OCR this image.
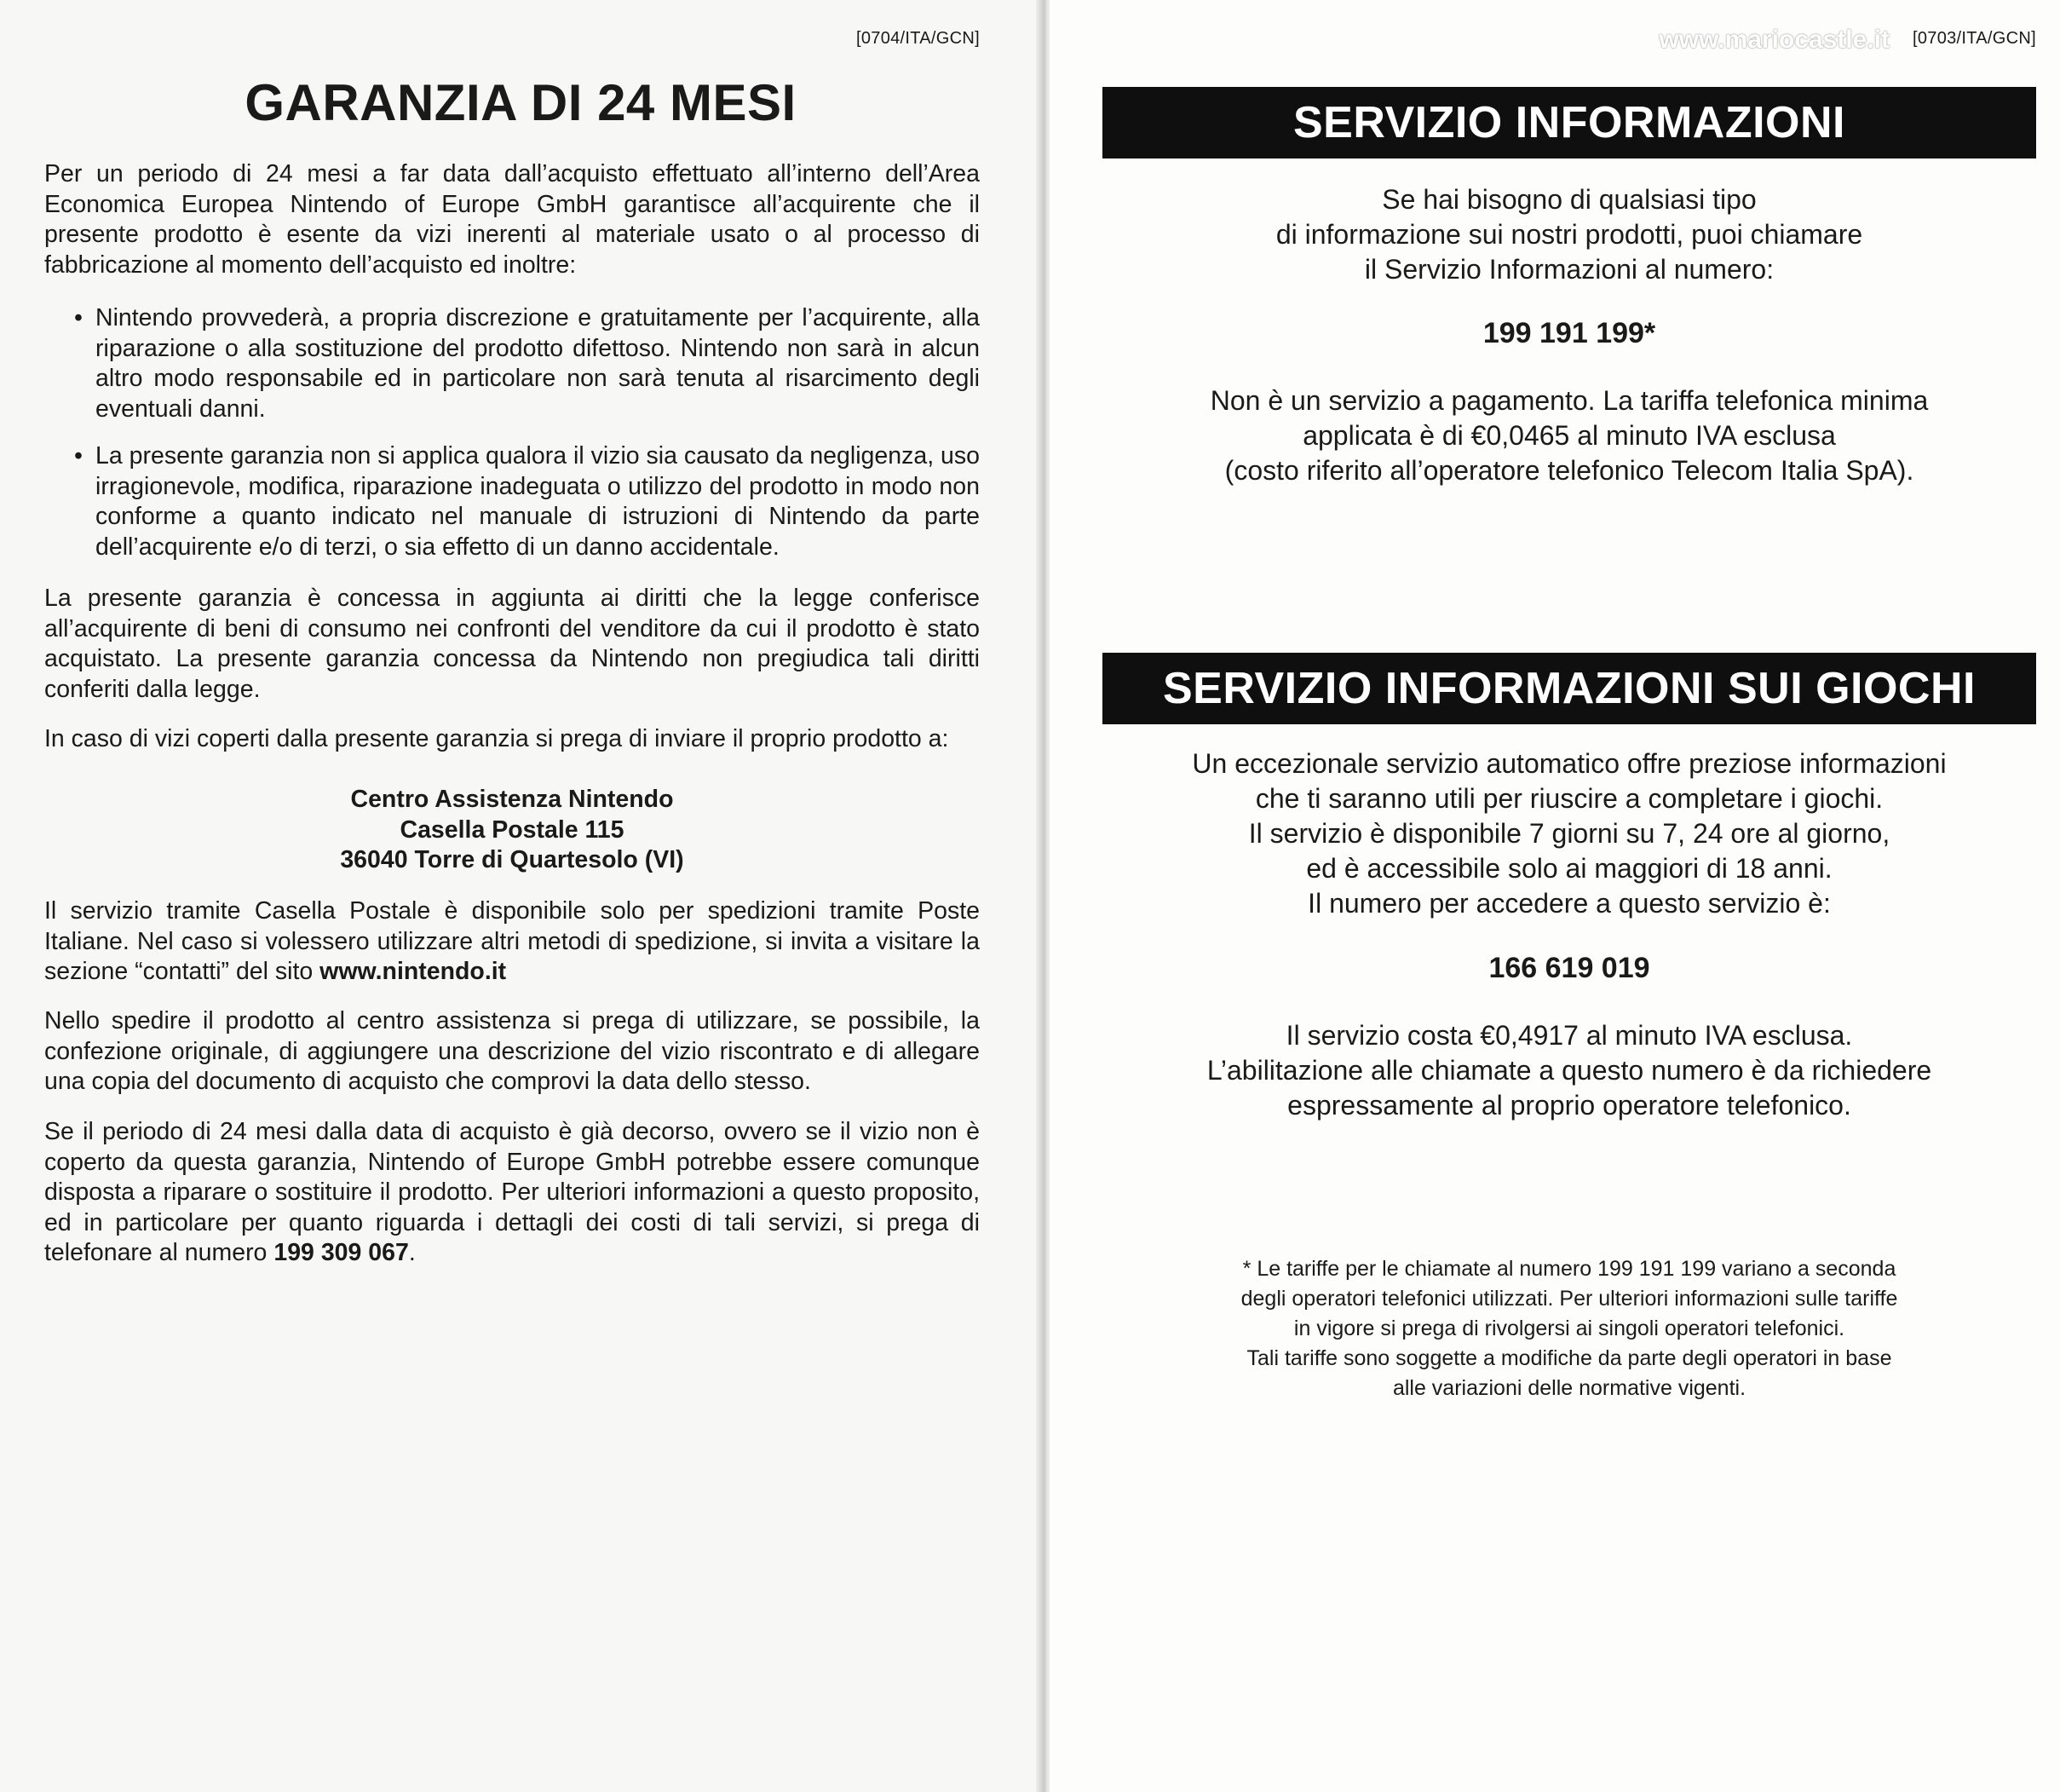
[0704/ITA/GCN]
GARANZIA DI 24 MESI

Per un periodo di 24 mesi a far data dall’acquisto effettuato all’interno dell’Area Economica Europea Nintendo of Europe GmbH garantisce all’acquirente che il presente prodotto è esente da vizi inerenti al materiale usato o al processo di fabbricazione al momento dell’acquisto ed inoltre:

• Nintendo provvederà, a propria discrezione e gratuitamente per l’acquirente, alla riparazione o alla sostituzione del prodotto difettoso. Nintendo non sarà in alcun altro modo responsabile ed in particolare non sarà tenuta al risarcimento degli eventuali danni.

• La presente garanzia non si applica qualora il vizio sia causato da negligenza, uso irragionevole, modifica, riparazione inadeguata o utilizzo del prodotto in modo non conforme a quanto indicato nel manuale di istruzioni di Nintendo da parte dell’acquirente e/o di terzi, o sia effetto di un danno accidentale.

La presente garanzia è concessa in aggiunta ai diritti che la legge conferisce all’acquirente di beni di consumo nei confronti del venditore da cui il prodotto è stato acquistato. La presente garanzia concessa da Nintendo non pregiudica tali diritti conferiti dalla legge.

In caso di vizi coperti dalla presente garanzia si prega di inviare il proprio prodotto a:

Centro Assistenza Nintendo
Casella Postale 115
36040 Torre di Quartesolo (VI)

Il servizio tramite Casella Postale è disponibile solo per spedizioni tramite Poste Italiane. Nel caso si volessero utilizzare altri metodi di spedizione, si invita a visitare la sezione “contatti” del sito www.nintendo.it

Nello spedire il prodotto al centro assistenza si prega di utilizzare, se possibile, la confezione originale, di aggiungere una descrizione del vizio riscontrato e di allegare una copia del documento di acquisto che comprovi la data dello stesso.

Se il periodo di 24 mesi dalla data di acquisto è già decorso, ovvero se il vizio non è coperto da questa garanzia, Nintendo of Europe GmbH potrebbe essere comunque disposta a riparare o sostituire il prodotto. Per ulteriori informazioni a questo proposito, ed in particolare per quanto riguarda i dettagli dei costi di tali servizi, si prega di telefonare al numero 199 309 067.

www.mariocastle.it [0703/ITA/GCN]
SERVIZIO INFORMAZIONI

Se hai bisogno di qualsiasi tipo

di informazione sui nostri prodotti, puoi chiamare

il Servizio Informazioni al numero:

199 191 199*

Non è un servizio a pagamento. La tariffa telefonica minima

applicata è di €0,0465 al minuto IVA esclusa

(costo riferito all’operatore telefonico Telecom Italia SpA).

SERVIZIO INFORMAZIONI SUI GIOCHI

Un eccezionale servizio automatico offre preziose informazioni

che ti saranno utili per riuscire a completare i giochi.

Il servizio è disponibile 7 giorni su 7, 24 ore al giorno,

ed è accessibile solo ai maggiori di 18 anni.

Il numero per accedere a questo servizio è:

166 619 019

Il servizio costa €0,4917 al minuto IVA esclusa.

L’abilitazione alle chiamate a questo numero è da richiedere

espressamente al proprio operatore telefonico.

* Le tariffe per le chiamate al numero 199 191 199 variano a seconda

degli operatori telefonici utilizzati. Per ulteriori informazioni sulle tariffe

in vigore si prega di rivolgersi ai singoli operatori telefonici.

Tali tariffe sono soggette a modifiche da parte degli operatori in base

alle variazioni delle normative vigenti.
